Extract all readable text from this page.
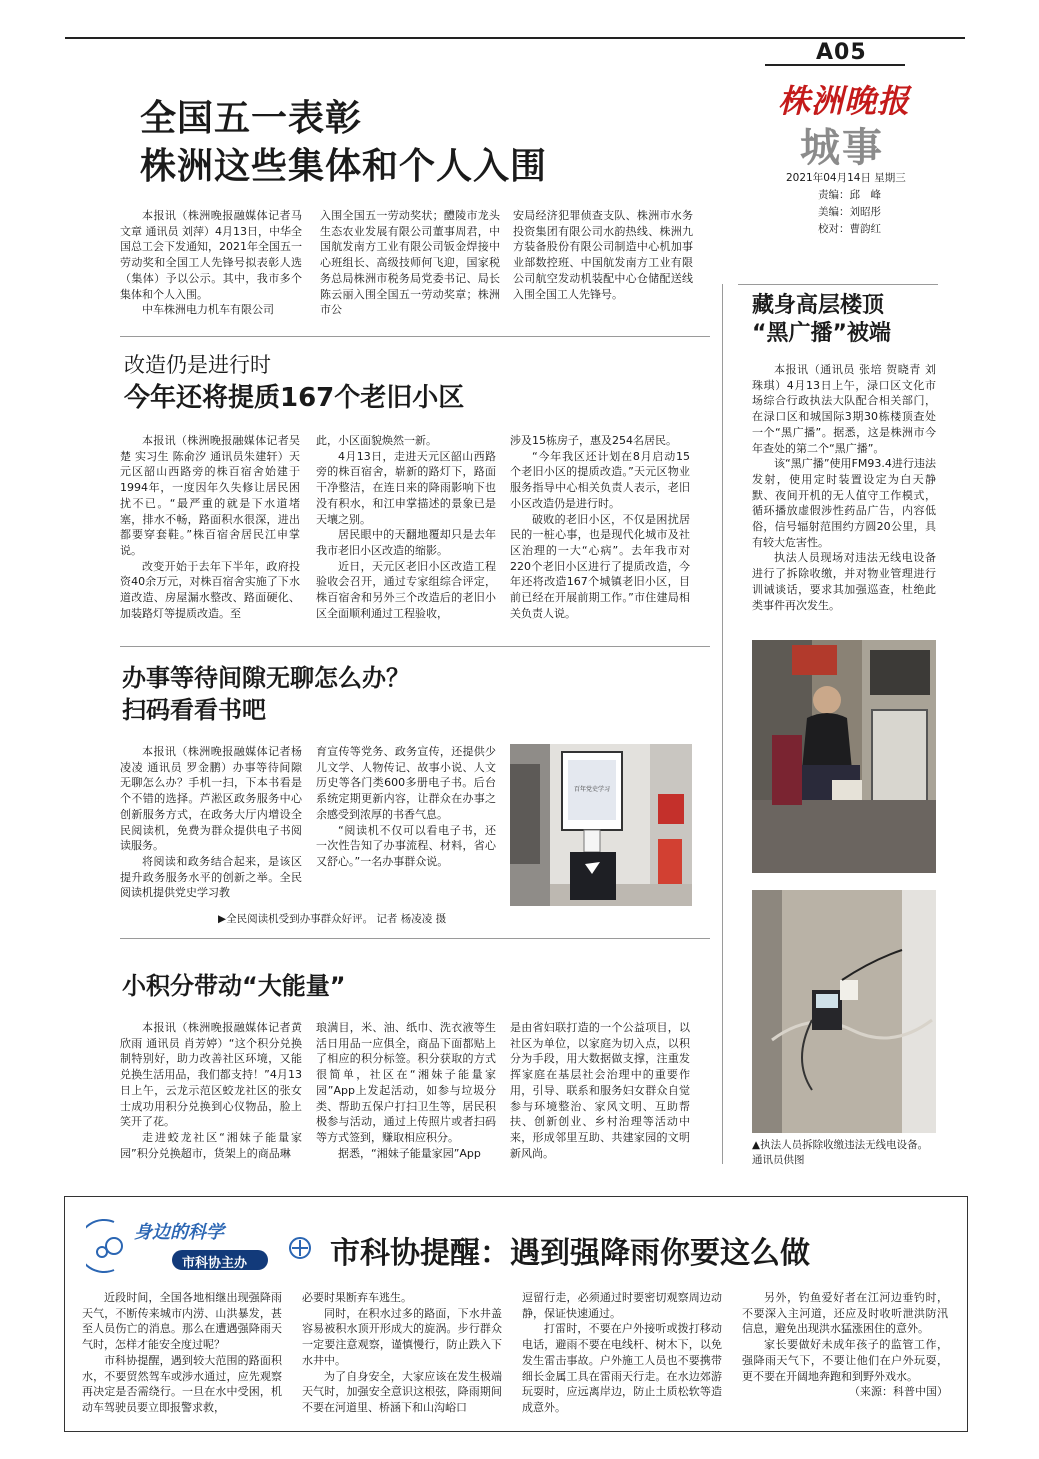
A05
株洲晚报
城事
2021年04月14日 星期三
责编：邱　峰
美编：刘昭彤
校对：曹韵红
全国五一表彰
株洲这些集体和个人入围

本报讯（株洲晚报融媒体记者马文章 通讯员 刘萍）4月13日，中华全国总工会下发通知，2021年全国五一劳动奖和全国工人先锋号拟表彰人选（集体）予以公示。其中，我市多个集体和个人入围。

中车株洲电力机车有限公司

入围全国五一劳动奖状；醴陵市龙头生态农业发展有限公司董事周君，中国航发南方工业有限公司钣金焊接中心班组长、高级技师何飞迎，国家税务总局株洲市税务局党委书记、局长陈云丽入围全国五一劳动奖章；株洲市公

安局经济犯罪侦查支队、株洲市水务投资集团有限公司水韵热线、株洲九方装备股份有限公司制造中心机加事业部数控班、中国航发南方工业有限公司航空发动机装配中心仓储配送线入围全国工人先锋号。	藏身高层楼顶
“黑广播”被端

本报讯（通讯员 张培 贺晓青 刘珠琪）4月13日上午，渌口区文化市场综合行政执法大队配合相关部门，在渌口区和城国际3期30栋楼顶查处一个“黑广播”。据悉，这是株洲市今年查处的第二个“黑广播”。

该“黑广播”使用FM93.4进行违法发射，使用定时装置设定为白天静默、夜间开机的无人值守工作模式，循环播放虚假涉性药品广告，内容低俗，信号辐射范围约方圆20公里，具有较大危害性。

执法人员现场对违法无线电设备进行了拆除收缴，并对物业管理进行训诫谈话，要求其加强巡查，杜绝此类事件再次发生。

▲执法人员拆除收缴违法无线电设备。 通讯员供图
改造仍是进行时
今年还将提质167个老旧小区

本报讯（株洲晚报融媒体记者吴楚 实习生 陈俞汐 通讯员朱建轩）天元区韶山西路旁的株百宿舍始建于1994年，一度因年久失修让居民困扰不已。“最严重的就是下水道堵塞，排水不畅，路面积水很深，进出都要穿套鞋。”株百宿舍居民江申掌说。

改变开始于去年下半年，政府投资40余万元，对株百宿舍实施了下水道改造、房屋漏水整改、路面硬化、加装路灯等提质改造。至

此，小区面貌焕然一新。

4月13日，走进天元区韶山西路旁的株百宿舍，崭新的路灯下，路面干净整洁，在连日来的降雨影响下也没有积水，和江申掌描述的景象已是天壤之别。

居民眼中的天翻地覆却只是去年我市老旧小区改造的缩影。

近日，天元区老旧小区改造工程验收会召开，通过专家组综合评定，株百宿舍和另外三个改造后的老旧小区全面顺利通过工程验收，

涉及15栋房子，惠及254名居民。

“今年我区还计划在8月启动15个老旧小区的提质改造。”天元区物业服务指导中心相关负责人表示，老旧小区改造仍是进行时。

破败的老旧小区，不仅是困扰居民的一桩心事，也是现代化城市及社区治理的一大“心病”。去年我市对220个老旧小区进行了提质改造，今年还将改造167个城镇老旧小区，目前已经在开展前期工作。”市住建局相关负责人说。

办事等待间隙无聊怎么办？
扫码看看书吧

本报讯（株洲晚报融媒体记者杨凌凌 通讯员 罗金鹏）办事等待间隙无聊怎么办？手机一扫，下本书看是个不错的选择。芦淞区政务服务中心创新服务方式，在政务大厅内增设全民阅读机，免费为群众提供电子书阅读服务。

将阅读和政务结合起来，是该区提升政务服务水平的创新之举。全民阅读机提供党史学习教

育宣传等党务、政务宣传，还提供少儿文学、人物传记、故事小说、人文历史等各门类600多册电子书。后台系统定期更新内容，让群众在办事之余感受到浓厚的书香气息。

“阅读机不仅可以看电子书，还一次性告知了办事流程、材料，省心又舒心。”一名办事群众说。

百年党史学习
▶全民阅读机受到办事群众好评。 记者 杨凌凌 摄
小积分带动“大能量”

本报讯（株洲晚报融媒体记者黄欣雨 通讯员 肖芳婷）“这个积分兑换制特别好，助力改善社区环境，又能兑换生活用品，我们都支持！”4月13日上午，云龙示范区蛟龙社区的张女士成功用积分兑换到心仪物品，脸上笑开了花。

走进蛟龙社区“湘妹子能量家园”积分兑换超市，货架上的商品琳

琅满目，米、油、纸巾、洗衣液等生活日用品一应俱全，商品下面都贴上了相应的积分标签。积分获取的方式很简单，社区在“湘妹子能量家园”App上发起活动，如参与垃圾分类、帮助五保户打扫卫生等，居民积极参与活动，通过上传照片或者扫码等方式签到，赚取相应积分。

据悉，“湘妹子能量家园”App

是由省妇联打造的一个公益项目，以社区为单位，以家庭为切入点，以积分为手段，用大数据做支撑，注重发挥家庭在基层社会治理中的重要作用，引导、联系和服务妇女群众自觉参与环境整治、家风文明、互助帮扶、创新创业、乡村治理等活动中来，形成邻里互助、共建家园的文明新风尚。

身边的科学
市科协主办	市科协提醒：遇到强降雨你要这么做

近段时间，全国各地相继出现强降雨天气，不断传来城市内涝、山洪暴发，甚至人员伤亡的消息。那么在遭遇强降雨天气时，怎样才能安全度过呢？

市科协提醒，遇到较大范围的路面积水，不要贸然驾车或涉水通过，应先观察再决定是否需绕行。一旦在水中受困，机动车驾驶员要立即报警求救，

必要时果断弃车逃生。

同时，在积水过多的路面，下水井盖容易被积水顶开形成大的旋涡。步行群众一定要注意观察，谨慎慢行，防止跌入下水井中。

为了自身安全，大家应该在发生极端天气时，加强安全意识这根弦，降雨期间不要在河道里、桥涵下和山沟峪口

逗留行走，必须通过时要密切观察周边动静，保证快速通过。

打雷时，不要在户外接听或拨打移动电话，避雨不要在电线杆、树木下，以免发生雷击事故。户外施工人员也不要携带细长金属工具在雷雨天行走。在水边郊游玩耍时，应远离岸边，防止土质松软等造成意外。

另外，钓鱼爱好者在江河边垂钓时，不要深入主河道，还应及时收听泄洪防汛信息，避免出现洪水猛涨困住的意外。

家长要做好未成年孩子的监管工作，强降雨天气下，不要让他们在户外玩耍，更不要在开阔地奔跑和到野外戏水。

（来源：科普中国）
